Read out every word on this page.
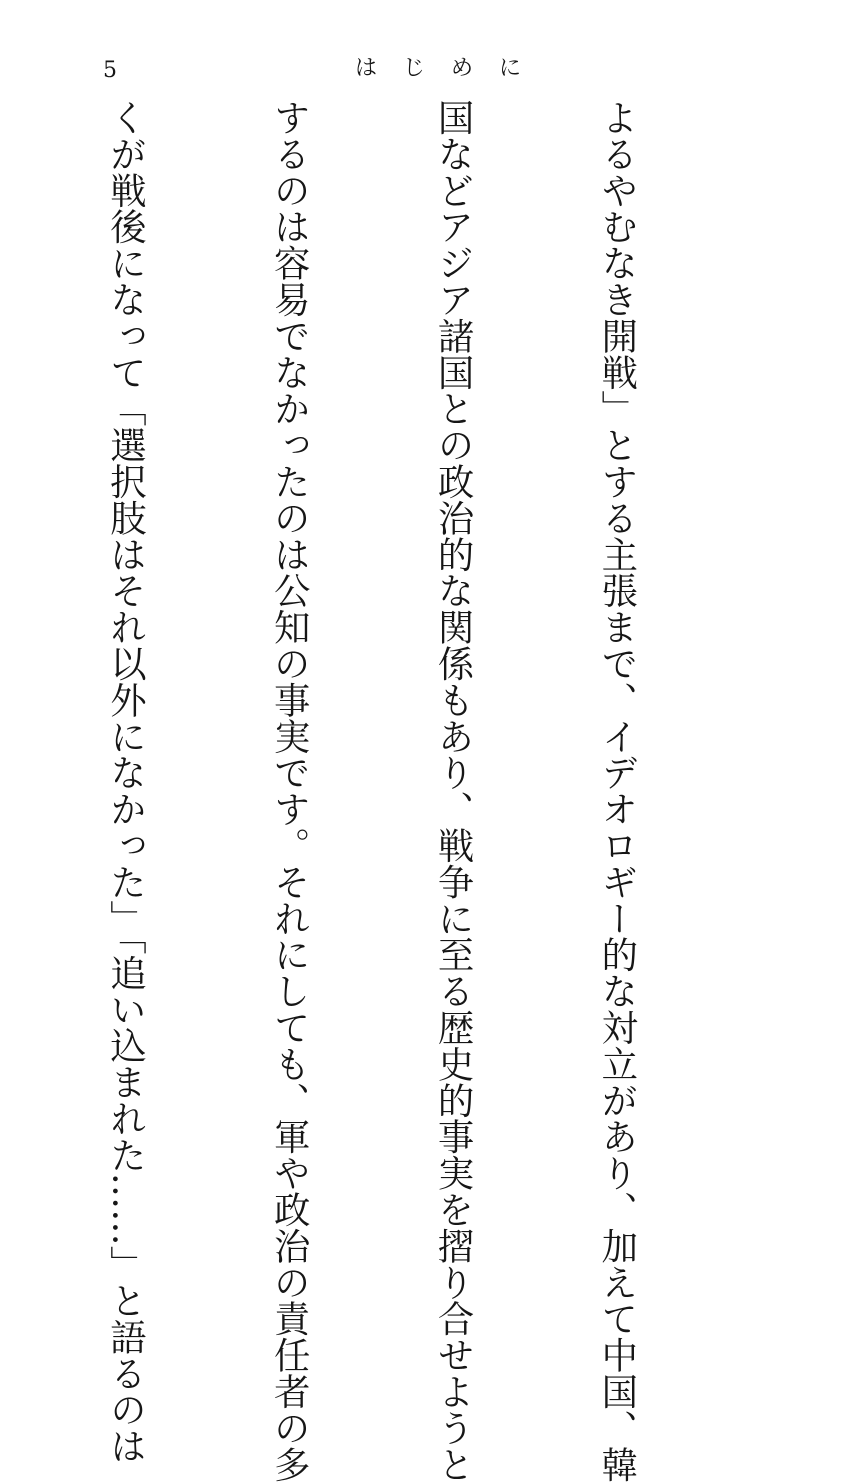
5	はじめに

よるやむなき開戦」とする主張まで、イデオロギー的な対立があり、加えて中国、韓

国などアジア諸国との政治的な関係もあり、戦争に至る歴史的事実を摺り合せようと

するのは容易でなかったのは公知の事実です。それにしても、軍や政治の責任者の多

くが戦後になって「選択肢はそれ以外になかった」「追い込まれた……」と語るのは
